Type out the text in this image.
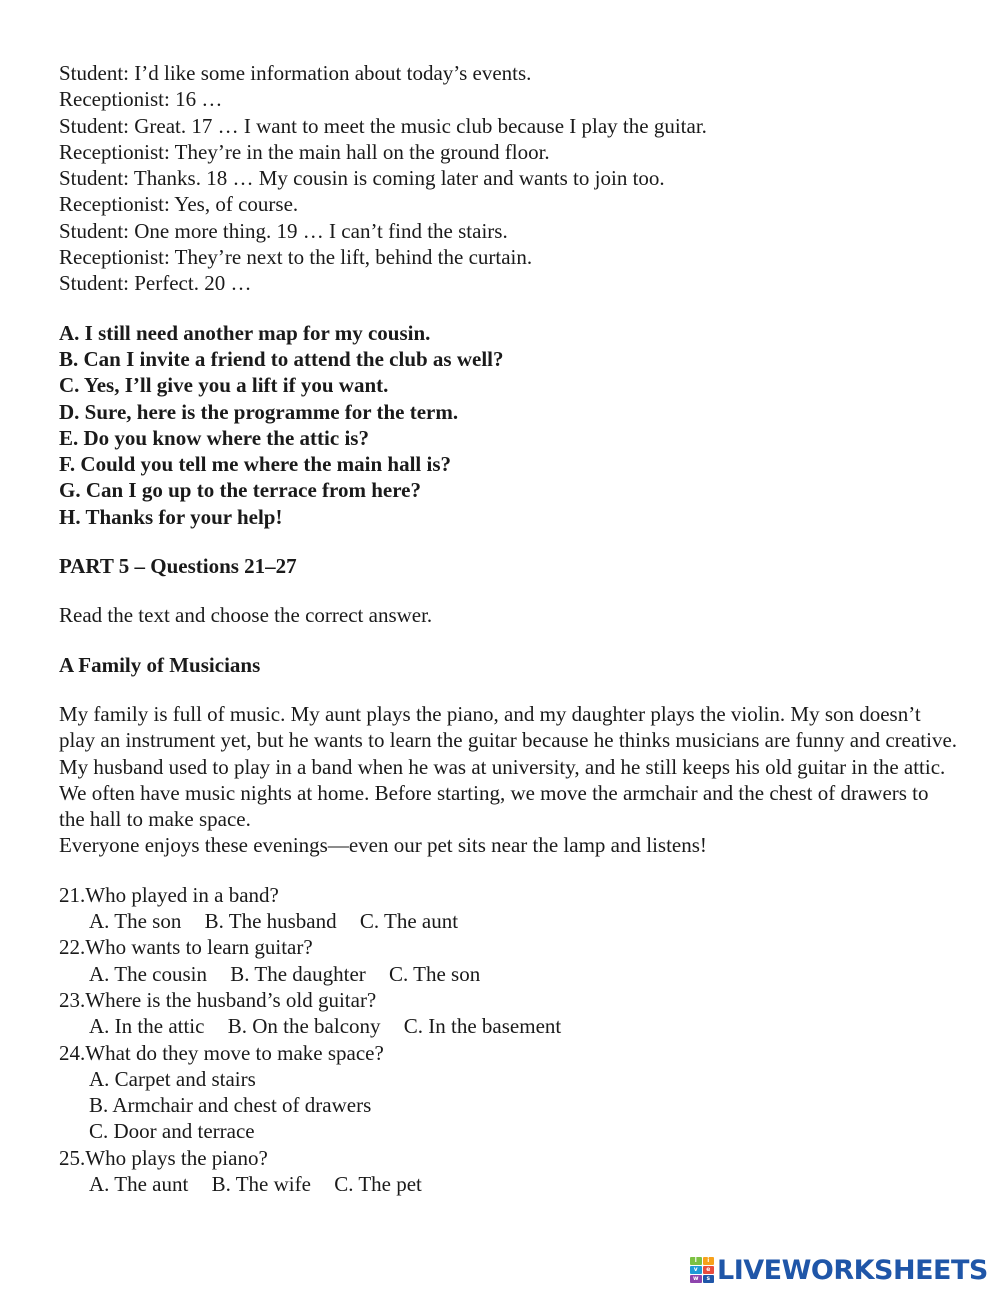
Student: I’d like some information about today’s events.
Receptionist: 16 …
Student: Great. 17 … I want to meet the music club because I play the guitar.
Receptionist: They’re in the main hall on the ground floor.
Student: Thanks. 18 … My cousin is coming later and wants to join too.
Receptionist: Yes, of course.
Student: One more thing. 19 … I can’t find the stairs.
Receptionist: They’re next to the lift, behind the curtain.
Student: Perfect. 20 …
A. I still need another map for my cousin.
B. Can I invite a friend to attend the club as well?
C. Yes, I’ll give you a lift if you want.
D. Sure, here is the programme for the term.
E. Do you know where the attic is?
F. Could you tell me where the main hall is?
G. Can I go up to the terrace from here?
H. Thanks for your help!
PART 5 – Questions 21–27
Read the text and choose the correct answer.
A Family of Musicians
My family is full of music. My aunt plays the piano, and my daughter plays the violin. My son doesn’t play an instrument yet, but he wants to learn the guitar because he thinks musicians are funny and creative.
My husband used to play in a band when he was at university, and he still keeps his old guitar in the attic. We often have music nights at home. Before starting, we move the armchair and the chest of drawers to the hall to make space.
Everyone enjoys these evenings—even our pet sits near the lamp and listens!
21.Who played in a band?
A. The son B. The husband C. The aunt
22.Who wants to learn guitar?
A. The cousin B. The daughter C. The son
23.Where is the husband’s old guitar?
A. In the attic B. On the balcony C. In the basement
24.What do they move to make space?
A. Carpet and stairs
B. Armchair and chest of drawers
C. Door and terrace
25.Who plays the piano?
A. The aunt B. The wife C. The pet
l	i
v	e
w	s LIVEWORKSHEETS
